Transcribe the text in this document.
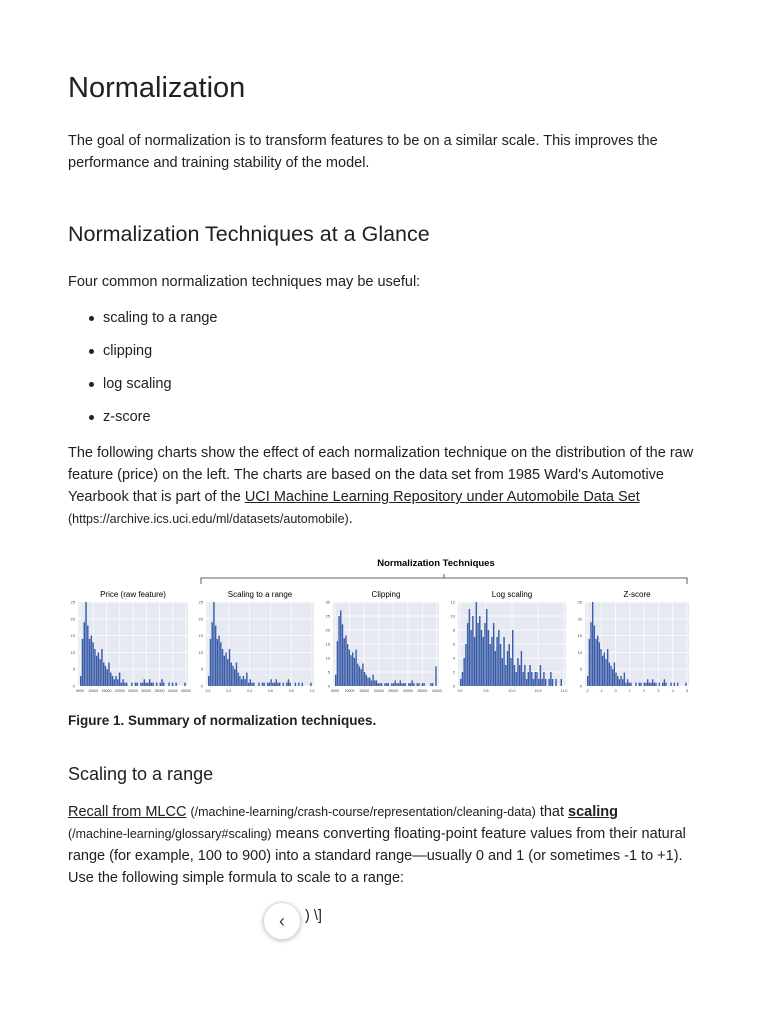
Normalization

The goal of normalization is to transform features to be on a similar scale. This improves the performance and training stability of the model.

Normalization Techniques at a Glance

Four common normalization techniques may be useful:

scaling to a range
clipping
log scaling
z-score

The following charts show the effect of each normalization technique on the distribution of the raw feature (price) on the left. The charts are based on the data set from 1985 Ward's Automotive Yearbook that is part of the UCI Machine Learning Repository under Automobile Data Set
(https://archive.ics.uci.edu/ml/datasets/automobile).

Normalization Techniques
Price (raw feature)
25
20
15
10
5
0
5000 10000 15000 20000 25000 30000 35000 40000 45000
Scaling to a range
25
20
15
10
5
0
0.0	0.2	0.4	0.6	0.8	1.0
Clipping
30
25
20
15
10
5
0
5000 10000 15000 20000 25000 30000 35000 40000
Log scaling
12
10
8
6
4
2
0
9.0	9.5	10.0	10.5	11.0
Z-score
25
20
15
10
5
0
-2	-1	0	1	2	3	4	5

Figure 1. Summary of normalization techniques.

Scaling to a range

Recall from MLCC (/machine-learning/crash-course/representation/cleaning-data) that scaling
(/machine-learning/glossary#scaling) means converting floating-point feature values from their natural range (for example, 100 to 900) into a standard range—usually 0 and 1 (or sometimes -1 to +1). Use the following simple formula to scale to a range:

) \]
‹
